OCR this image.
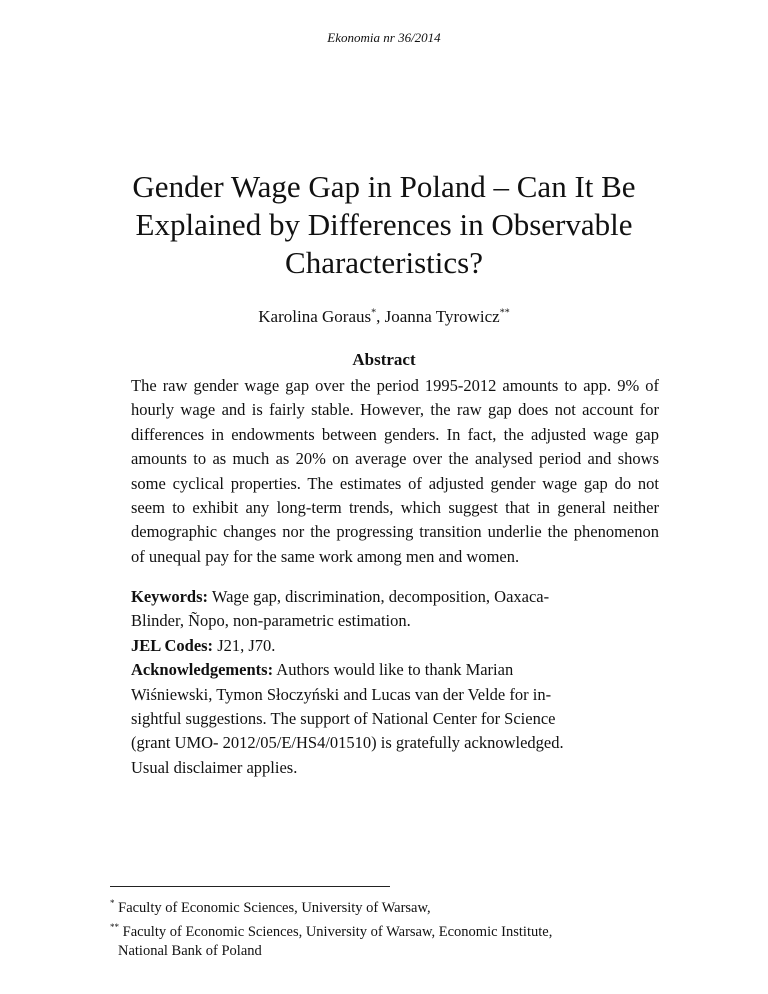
Ekonomia nr 36/2014
Gender Wage Gap in Poland – Can It Be
Explained by Differences in Observable
Characteristics?
Karolina Goraus*, Joanna Tyrowicz**
Abstract

The raw gender wage gap over the period 1995-2012 amounts to app. 9% of hourly wage and is fairly stable. However, the raw gap does not account for differences in endowments between genders. In fact, the adjusted wage gap amounts to as much as 20% on average over the analysed period and shows some cyclical properties. The estimates of adjusted gender wage gap do not seem to exhibit any long-term trends, which suggest that in general neither demographic changes nor the progressing transition underlie the phenomenon of unequal pay for the same work among men and women.

Keywords: Wage gap, discrimination, decomposition, Oaxaca-
Blinder, Ñopo, non-parametric estimation.
JEL Codes: J21, J70.
Acknowledgements: Authors would like to thank Marian
Wiśniewski, Tymon Słoczyński and Lucas van der Velde for in-
sightful suggestions. The support of National Center for Science
(grant UMO- 2012/05/E/HS4/01510) is gratefully acknowledged.
Usual disclaimer applies.
* Faculty of Economic Sciences, University of Warsaw,
** Faculty of Economic Sciences, University of Warsaw, Economic Institute,
National Bank of Poland
